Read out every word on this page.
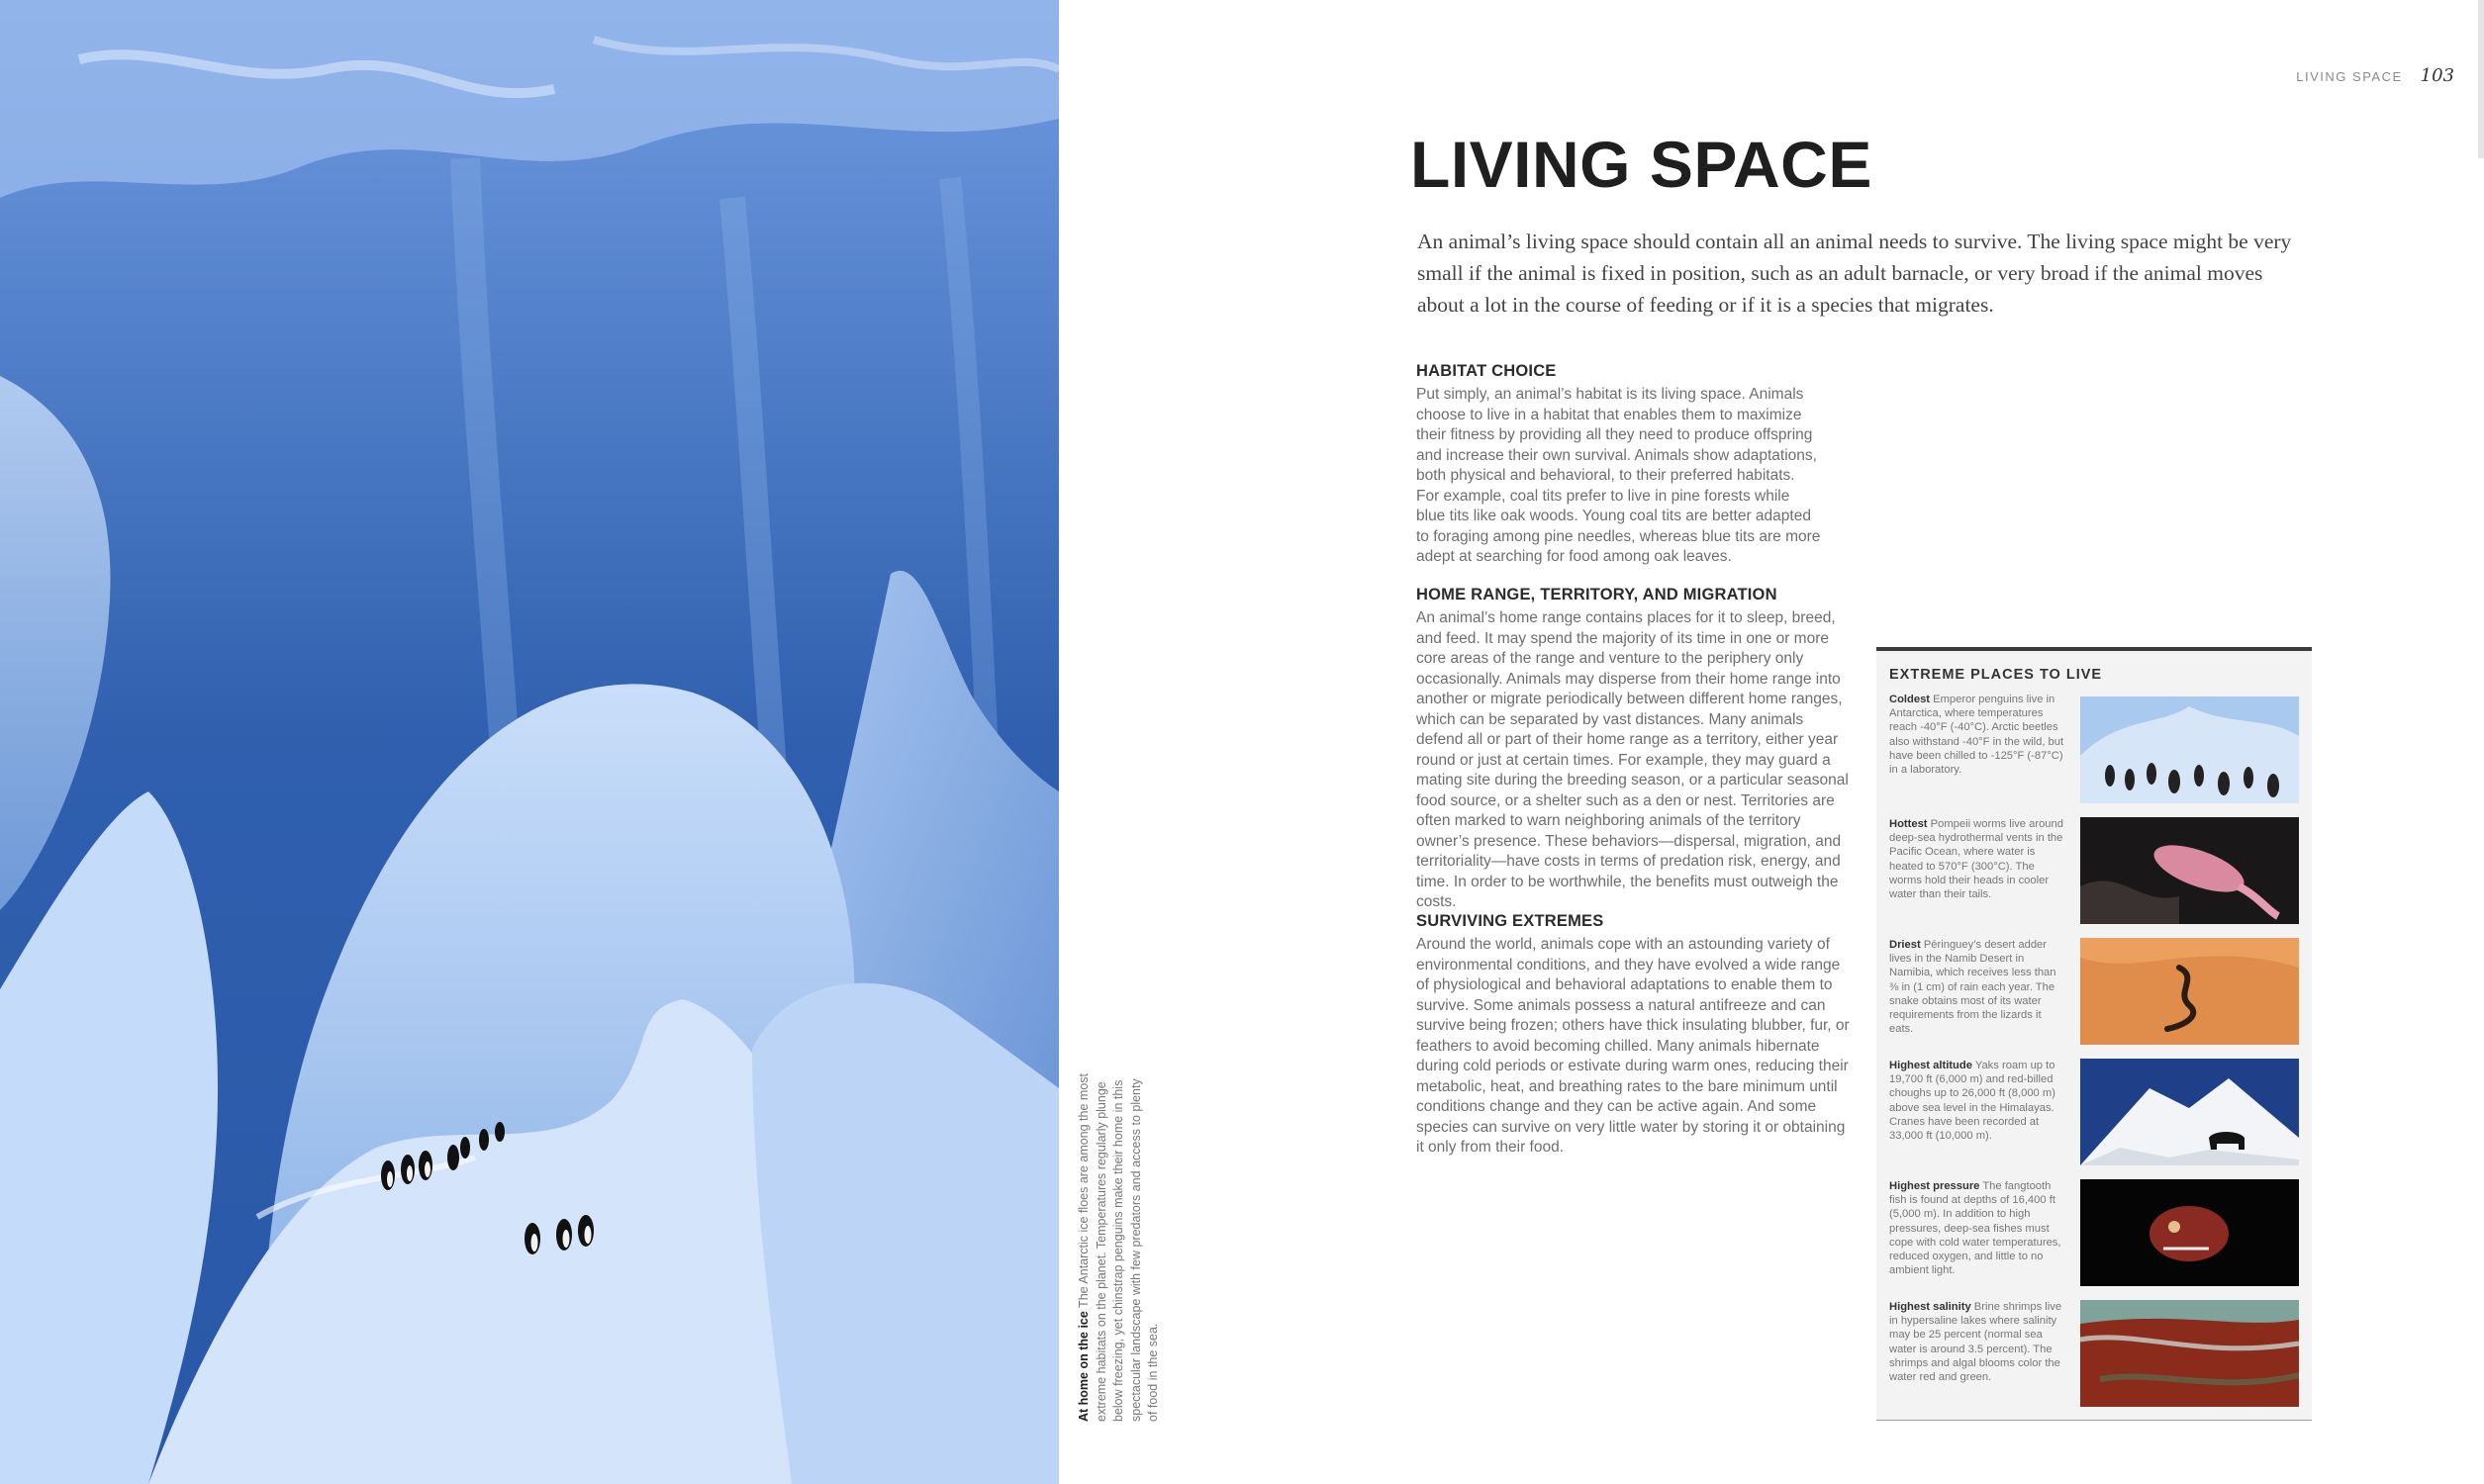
At home on the ice The Antarctic ice floes are among the most extreme habitats on the planet. Temperatures regularly plunge below freezing, yet chinstrap penguins make their home in this spectacular landscape with few predators and access to plenty of food in the sea.
LIVING SPACE 103
LIVING SPACE

An animal’s living space should contain all an animal needs to survive. The living space might be very small if the animal is fixed in position, such as an adult barnacle, or very broad if the animal moves about a lot in the course of feeding or if it is a species that migrates.

HABITAT CHOICE

Put simply, an animal’s habitat is its living space. Animals choose to live in a habitat that enables them to maximize their fitness by providing all they need to produce offspring and increase their own survival. Animals show adaptations, both physical and behavioral, to their preferred habitats. For example, coal tits prefer to live in pine forests while blue tits like oak woods. Young coal tits are better adapted to foraging among pine needles, whereas blue tits are more adept at searching for food among oak leaves.

HOME RANGE, TERRITORY, AND MIGRATION

An animal’s home range contains places for it to sleep, breed, and feed. It may spend the majority of its time in one or more core areas of the range and venture to the periphery only occasionally. Animals may disperse from their home range into another or migrate periodically between different home ranges, which can be separated by vast distances. Many animals defend all or part of their home range as a territory, either year round or just at certain times. For example, they may guard a mating site during the breeding season, or a particular seasonal food source, or a shelter such as a den or nest. Territories are often marked to warn neighboring animals of the territory owner’s presence. These behaviors—dispersal, migration, and territoriality—have costs in terms of predation risk, energy, and time. In order to be worthwhile, the benefits must outweigh the costs.

SURVIVING EXTREMES

Around the world, animals cope with an astounding variety of environmental conditions, and they have evolved a wide range of physiological and behavioral adaptations to enable them to survive. Some animals possess a natural antifreeze and can survive being frozen; others have thick insulating blubber, fur, or feathers to avoid becoming chilled. Many animals hibernate during cold periods or estivate during warm ones, reducing their metabolic, heat, and breathing rates to the bare minimum until conditions change and they can be active again. And some species can survive on very little water by storing it or obtaining it only from their food.

EXTREME PLACES TO LIVE
Coldest Emperor penguins live in Antarctica, where temperatures reach -40°F (-40°C). Arctic beetles also withstand -40°F in the wild, but have been chilled to -125°F (-87°C) in a laboratory.
Hottest Pompeii worms live around deep-sea hydrothermal vents in the Pacific Ocean, where water is heated to 570°F (300°C). The worms hold their heads in cooler water than their tails.
Driest Péringuey’s desert adder lives in the Namib Desert in Namibia, which receives less than ⅜ in (1 cm) of rain each year. The snake obtains most of its water requirements from the lizards it eats.
Highest altitude Yaks roam up to 19,700 ft (6,000 m) and red-billed choughs up to 26,000 ft (8,000 m) above sea level in the Himalayas. Cranes have been recorded at 33,000 ft (10,000 m).
Highest pressure The fangtooth fish is found at depths of 16,400 ft (5,000 m). In addition to high pressures, deep-sea fishes must cope with cold water temperatures, reduced oxygen, and little to no ambient light.
Highest salinity Brine shrimps live in hypersaline lakes where salinity may be 25 percent (normal sea water is around 3.5 percent). The shrimps and algal blooms color the water red and green.
